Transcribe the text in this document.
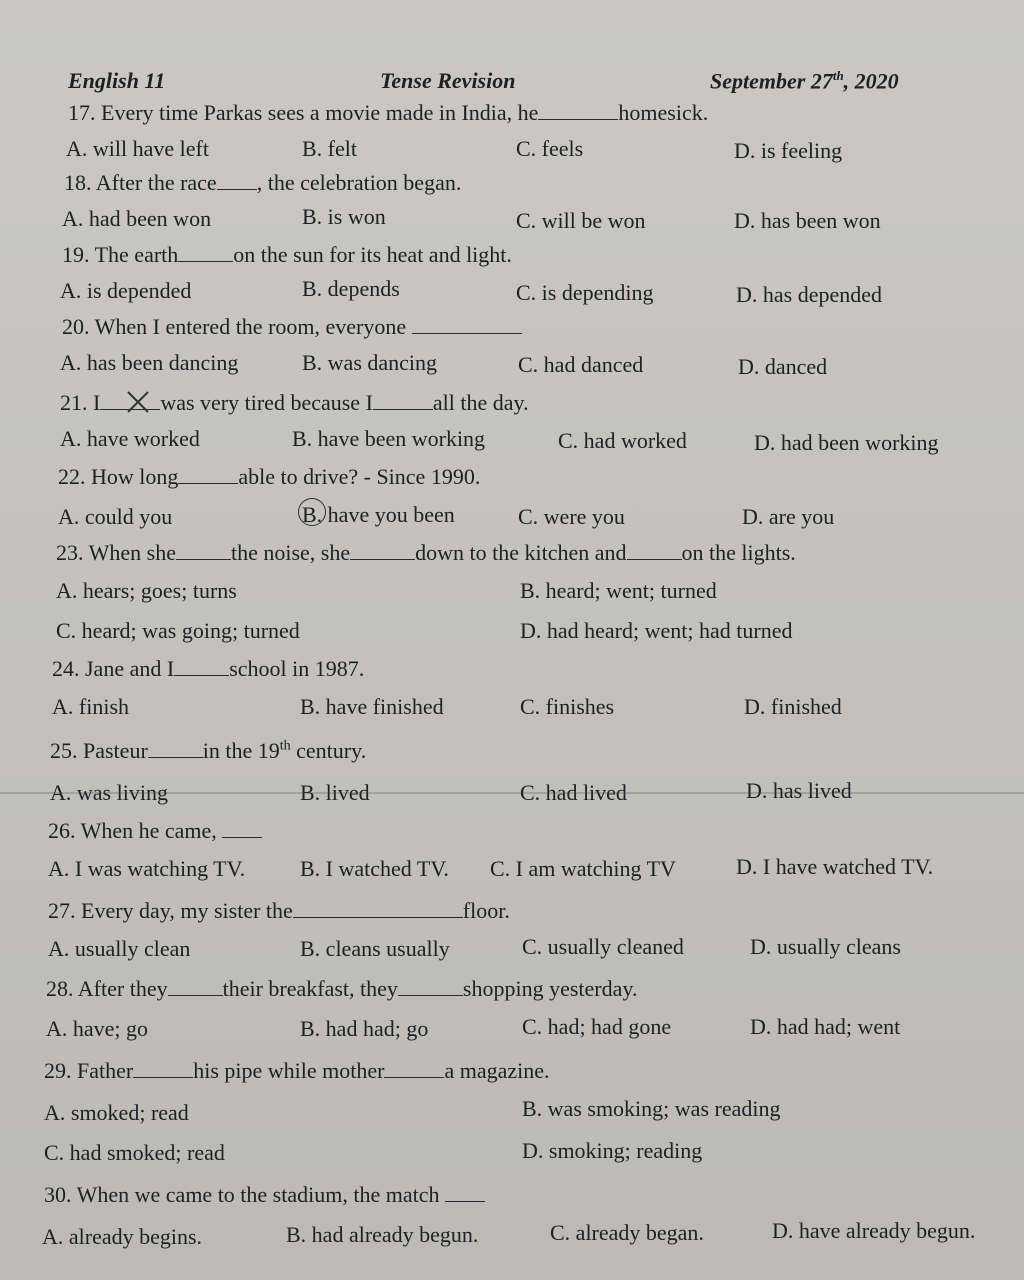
English 11	Tense Revision	September 27th, 2020
17. Every time Parkas sees a movie made in India, he	homesick.
A. will have left	B. felt	C. feels	D. is feeling
18. After the race , the celebration began.
A. had been won	B. is won	C. will be won	D. has been won
19. The earth	on the sun for its heat and light.
A. is depended	B. depends	C. is depending	D. has depended
20. When I entered the room, everyone
A. has been dancing	B. was dancing	C. had danced	D. danced
21. I	was very tired because I	all the day.
A. have worked	B. have been working	C. had worked	D. had been working
22. How long	able to drive? - Since 1990.
A. could you	B. have you been	C. were you	D. are you
23. When she	the noise, she	down to the kitchen and	on the lights.
A. hears; goes; turns	B. heard; went; turned
C. heard; was going; turned	D. had heard; went; had turned
24. Jane and I	school in 1987.
A. finish	B. have finished	C. finishes	D. finished
25. Pasteur	in the 19th century.
A. was living	B. lived	C. had lived	D. has lived
26. When he came,
A. I was watching TV. B. I watched TV. C. I am watching TV	D. I have watched TV.
27. Every day, my sister the	floor.
A. usually clean	B. cleans usually	C. usually cleaned	D. usually cleans
28. After they	their breakfast, they	shopping yesterday.
A. have; go	B. had had; go	C. had; had gone	D. had had; went
29. Father	his pipe while mother	a magazine.
A. smoked; read	B. was smoking; was reading
C. had smoked; read	D. smoking; reading
30. When we came to the stadium, the match
A. already begins.	B. had already begun.	C. already began.	D. have already begun.
